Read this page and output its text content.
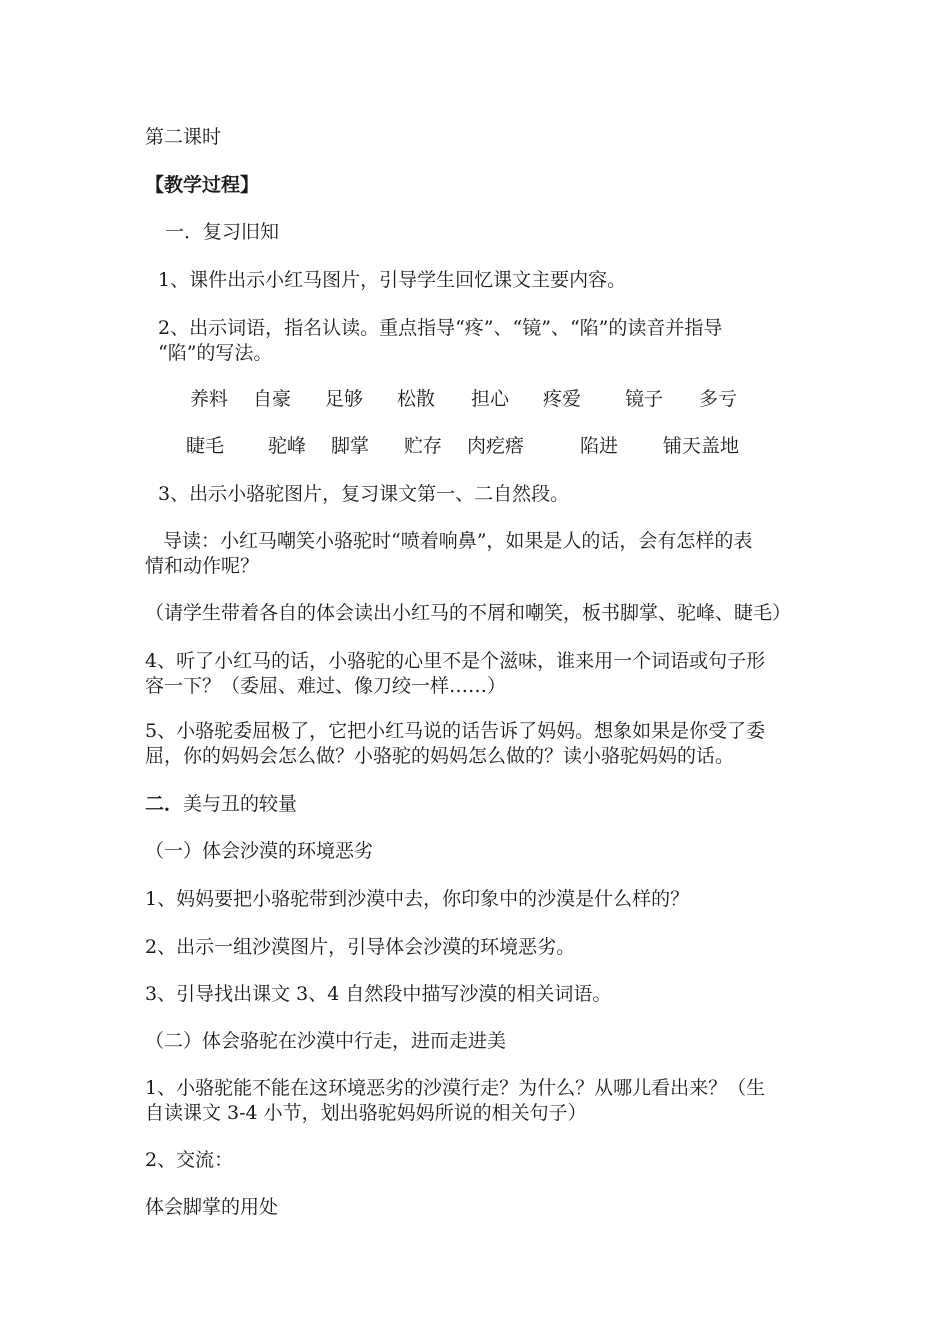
第二课时
【教学过程】
一．复习旧知
1、课件出示小红马图片，引导学生回忆课文主要内容。
2、出示词语，指名认读。重点指导“疼”、“镜”、“陷”的读音并指导
“陷”的写法。
养料 自豪 足够 松散 担心 疼爱 镜子 多亏
睫毛 驼峰 脚掌 贮存 肉疙瘩	陷进 铺天盖地
3、出示小骆驼图片，复习课文第一、二自然段。
导读：小红马嘲笑小骆驼时“喷着响鼻”，如果是人的话，会有怎样的表
情和动作呢？
（请学生带着各自的体会读出小红马的不屑和嘲笑，板书脚掌、驼峰、睫毛）
4、听了小红马的话，小骆驼的心里不是个滋味，谁来用一个词语或句子形
容一下？（委屈、难过、像刀绞一样……）
5、小骆驼委屈极了，它把小红马说的话告诉了妈妈。想象如果是你受了委
屈，你的妈妈会怎么做？小骆驼的妈妈怎么做的？读小骆驼妈妈的话。
二．美与丑的较量
（一）体会沙漠的环境恶劣
1、妈妈要把小骆驼带到沙漠中去，你印象中的沙漠是什么样的？
2、出示一组沙漠图片，引导体会沙漠的环境恶劣。
3、引导找出课文 3、4 自然段中描写沙漠的相关词语。
（二）体会骆驼在沙漠中行走，进而走进美
1、小骆驼能不能在这环境恶劣的沙漠行走？为什么？从哪儿看出来？（生
自读课文 3-4 小节，划出骆驼妈妈所说的相关句子）
2、交流：
体会脚掌的用处
